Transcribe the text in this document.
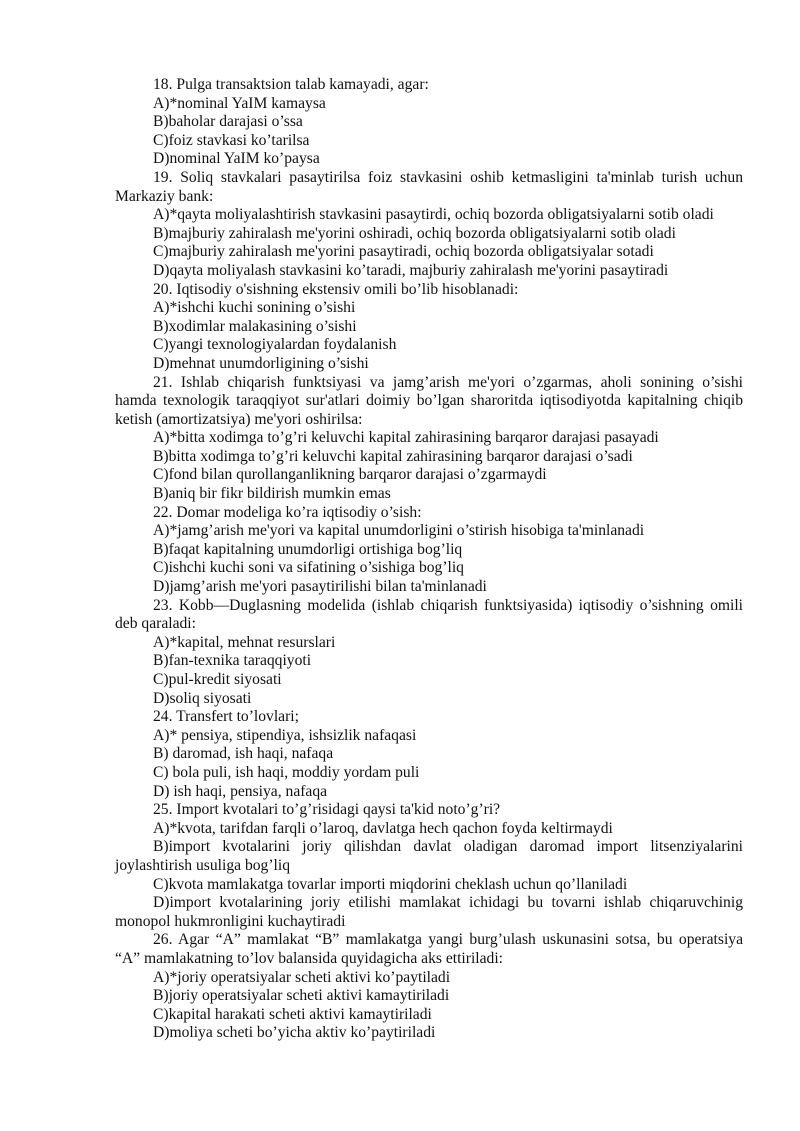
18. Pulga transaktsion talab kamayadi, agar:

A)*nominal YaIM kamaysa

B)baholar darajasi o’ssa

C)foiz stavkasi ko’tarilsa

D)nominal YaIM ko’paysa

19. Soliq stavkalari pasaytirilsa foiz stavkasini oshib ketmasligini ta'minlab turish uchun Markaziy bank:

A)*qayta moliyalashtirish stavkasini pasaytirdi, ochiq bozorda obligatsiyalarni sotib oladi

B)majburiy zahiralash me'yorini oshiradi, ochiq bozorda obligatsiyalarni sotib oladi

C)majburiy zahiralash me'yorini pasaytiradi, ochiq bozorda obligatsiyalar sotadi

D)qayta moliyalash stavkasini ko’taradi, majburiy zahiralash me'yorini pasaytiradi

20. Iqtisodiy o'sishning ekstensiv omili bo’lib hisoblanadi:

A)*ishchi kuchi sonining o’sishi

B)xodimlar malakasining o’sishi

C)yangi texnologiyalardan foydalanish

D)mehnat unumdorligining o’sishi

21. Ishlab chiqarish funktsiyasi va jamg’arish me'yori o’zgarmas, aholi sonining o’sishi hamda texnologik taraqqiyot sur'atlari doimiy bo’lgan sharoritda iqtisodiyotda kapitalning chiqib ketish (amortizatsiya) me'yori oshirilsa:

A)*bitta xodimga to’g’ri keluvchi kapital zahirasining barqaror darajasi pasayadi

B)bitta xodimga to’g’ri keluvchi kapital zahirasining barqaror darajasi o’sadi

C)fond bilan qurollanganlikning barqaror darajasi o’zgarmaydi

B)aniq bir fikr bildirish mumkin emas

22. Domar modeliga ko’ra iqtisodiy o’sish:

A)*jamg’arish me'yori va kapital unumdorligini o’stirish hisobiga ta'minlanadi

B)faqat kapitalning unumdorligi ortishiga bog’liq

C)ishchi kuchi soni va sifatining o’sishiga bog’liq

D)jamg’arish me'yori pasaytirilishi bilan ta'minlanadi

23. Kobb—Duglasning modelida (ishlab chiqarish funktsiyasida) iqtisodiy o’sishning omili deb qaraladi:

A)*kapital, mehnat resurslari

B)fan-texnika taraqqiyoti

C)pul-kredit siyosati

D)soliq siyosati

24. Transfert to’lovlari;

A)* pensiya, stipendiya, ishsizlik nafaqasi

B) daromad, ish haqi, nafaqa

C) bola puli, ish haqi, moddiy yordam puli

D) ish haqi, pensiya, nafaqa

25. Import kvotalari to’g’risidagi qaysi ta'kid noto’g’ri?

A)*kvota, tarifdan farqli o’laroq, davlatga hech qachon foyda keltirmaydi

B)import kvotalarini joriy qilishdan davlat oladigan daromad import litsenziyalarini joylashtirish usuliga bog’liq

C)kvota mamlakatga tovarlar importi miqdorini cheklash uchun qo’llaniladi

D)import kvotalarining joriy etilishi mamlakat ichidagi bu tovarni ishlab chiqaruvchinig monopol hukmronligini kuchaytiradi

26. Agar “A” mamlakat “B” mamlakatga yangi burg’ulash uskunasini sotsa, bu operatsiya “A” mamlakatning to’lov balansida quyidagicha aks ettiriladi:

A)*joriy operatsiyalar scheti aktivi ko’paytiladi

B)joriy operatsiyalar scheti aktivi kamaytiriladi

C)kapital harakati scheti aktivi kamaytiriladi

D)moliya scheti bo’yicha aktiv ko’paytiriladi
